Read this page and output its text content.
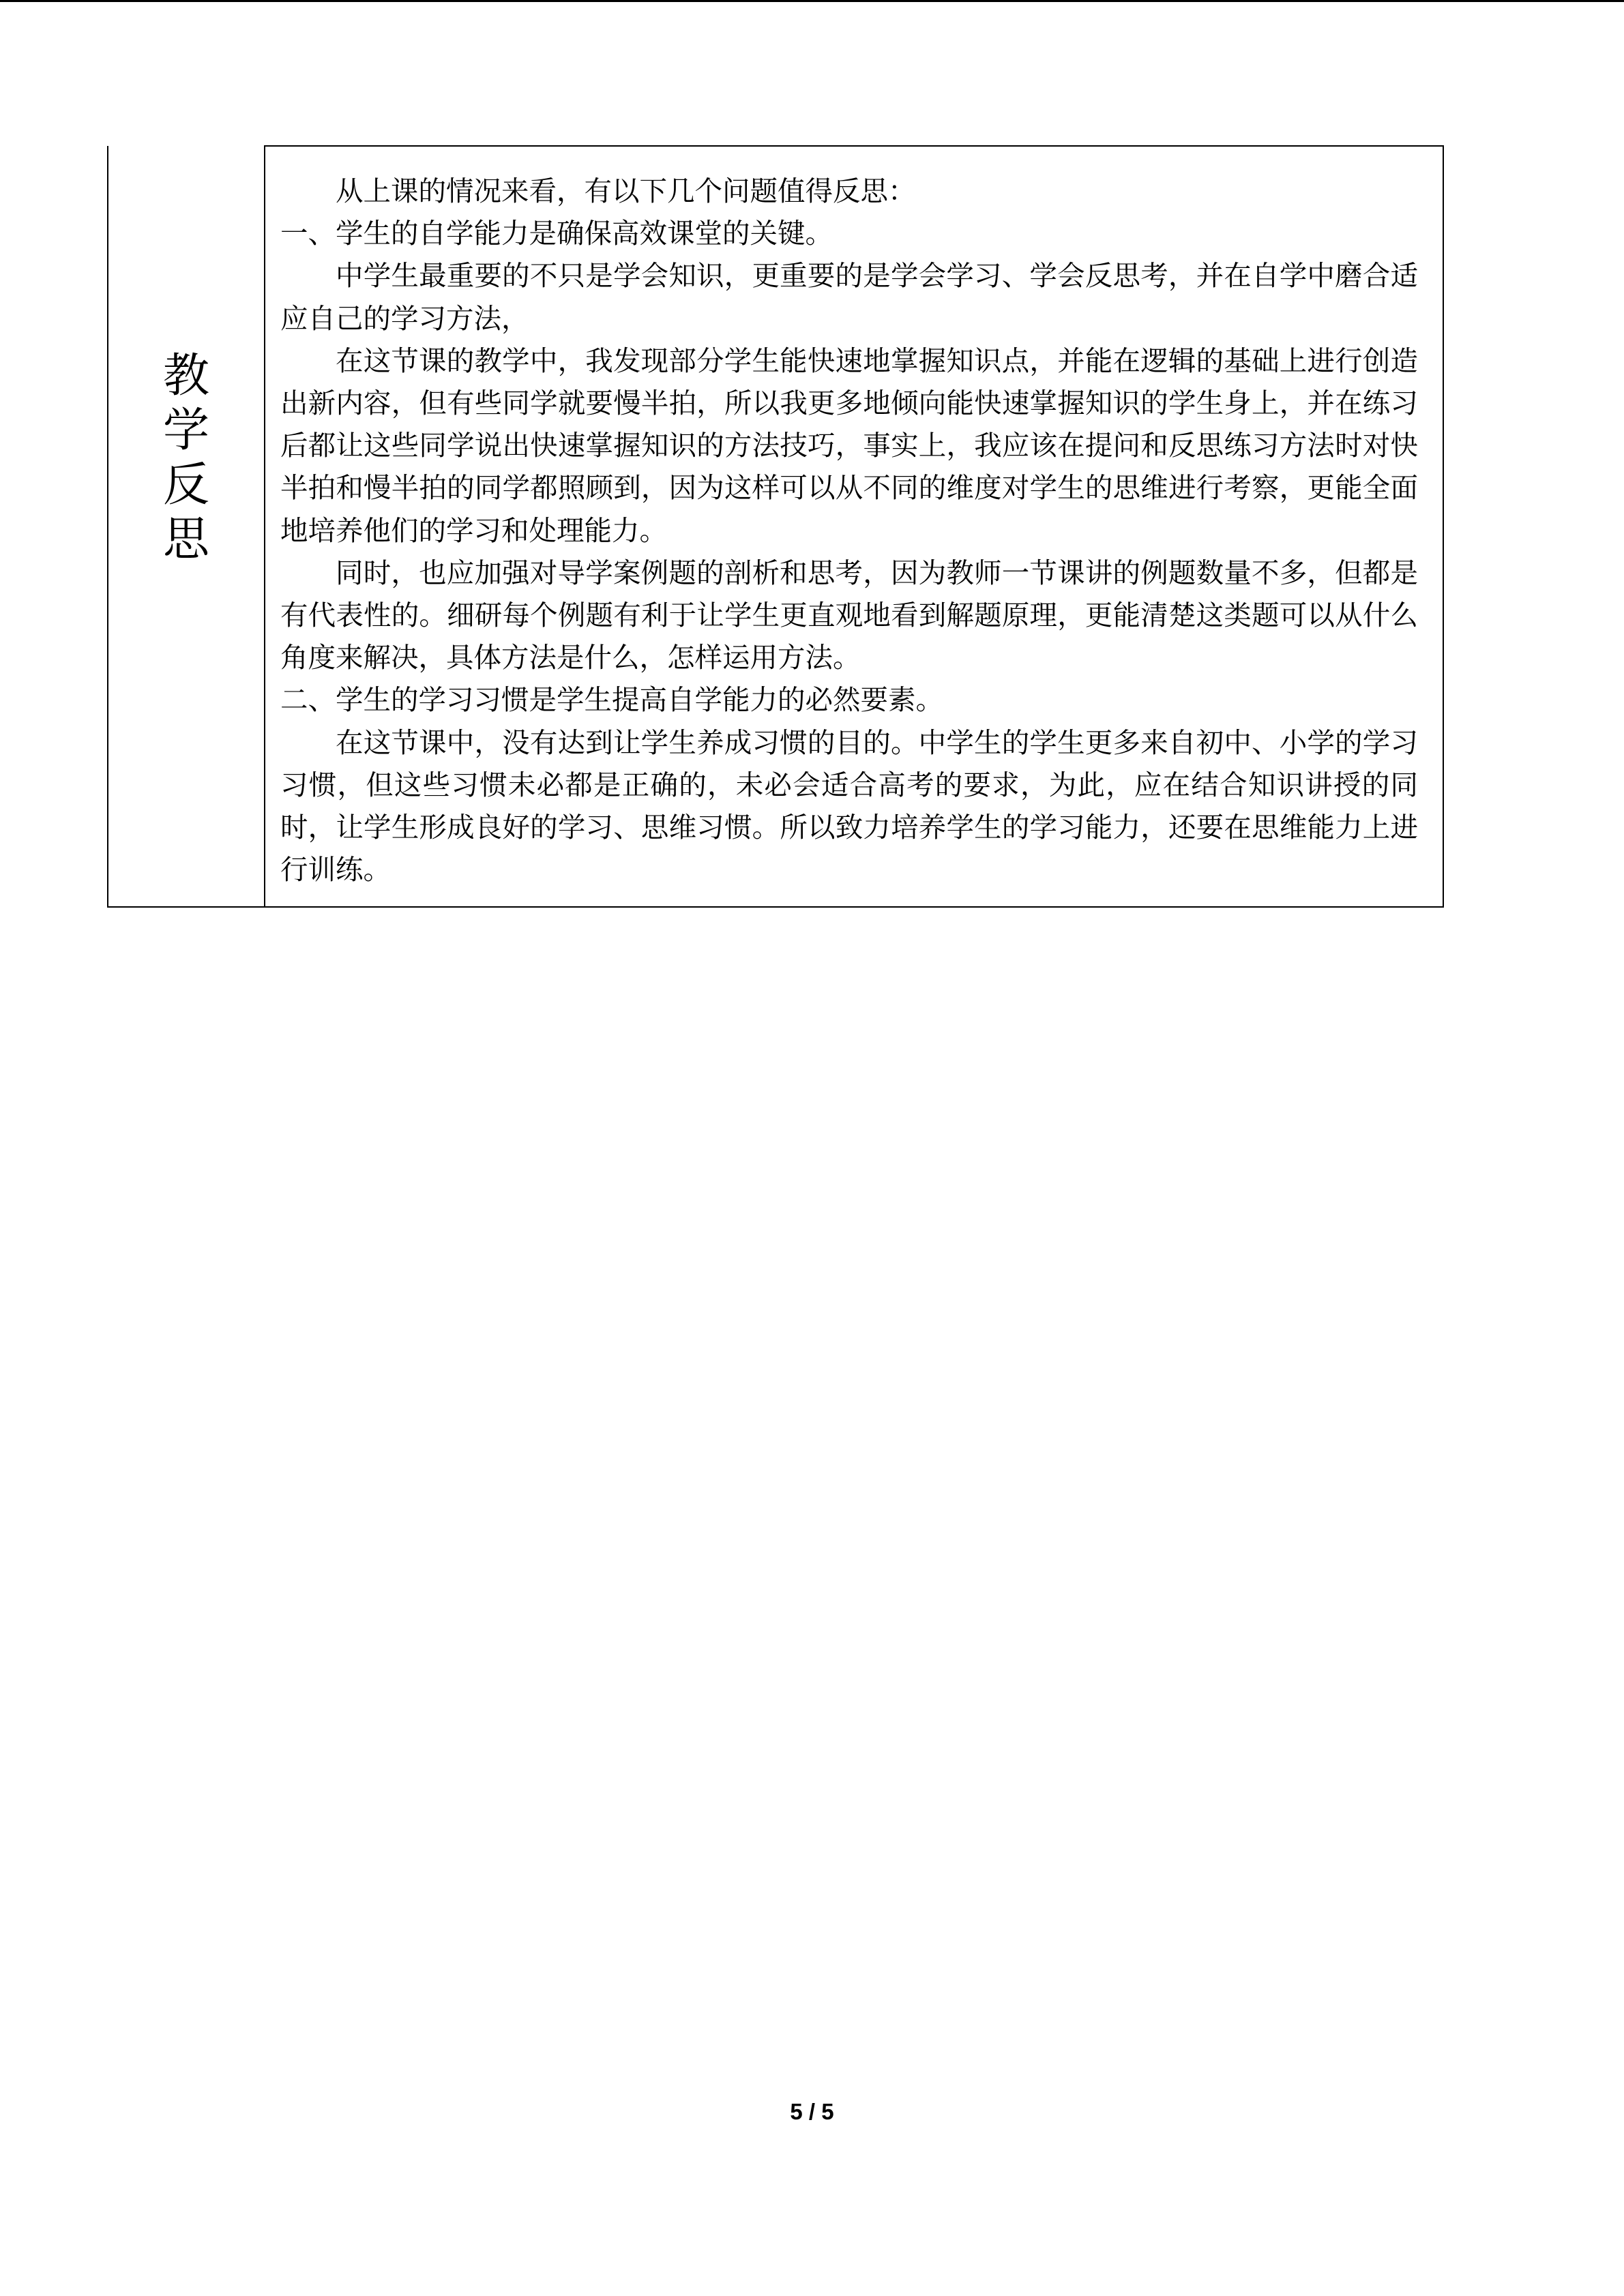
教学反思	

从上课的情况来看，有以下几个问题值得反思：

一、学生的自学能力是确保高效课堂的关键。

中学生最重要的不只是学会知识，更重要的是学会学习、学会反思考，并在自学中磨合适应自己的学习方法，

在这节课的教学中，我发现部分学生能快速地掌握知识点，并能在逻辑的基础上进行创造出新内容，但有些同学就要慢半拍，所以我更多地倾向能快速掌握知识的学生身上，并在练习后都让这些同学说出快速掌握知识的方法技巧，事实上，我应该在提问和反思练习方法时对快半拍和慢半拍的同学都照顾到，因为这样可以从不同的维度对学生的思维进行考察，更能全面地培养他们的学习和处理能力。

同时，也应加强对导学案例题的剖析和思考，因为教师一节课讲的例题数量不多，但都是有代表性的。细研每个例题有利于让学生更直观地看到解题原理，更能清楚这类题可以从什么角度来解决，具体方法是什么，怎样运用方法。

二、学生的学习习惯是学生提高自学能力的必然要素。

在这节课中，没有达到让学生养成习惯的目的。中学生的学生更多来自初中、小学的学习习惯，但这些习惯未必都是正确的，未必会适合高考的要求，为此，应在结合知识讲授的同时，让学生形成良好的学习、思维习惯。所以致力培养学生的学习能力，还要在思维能力上进行训练。

5 / 5
